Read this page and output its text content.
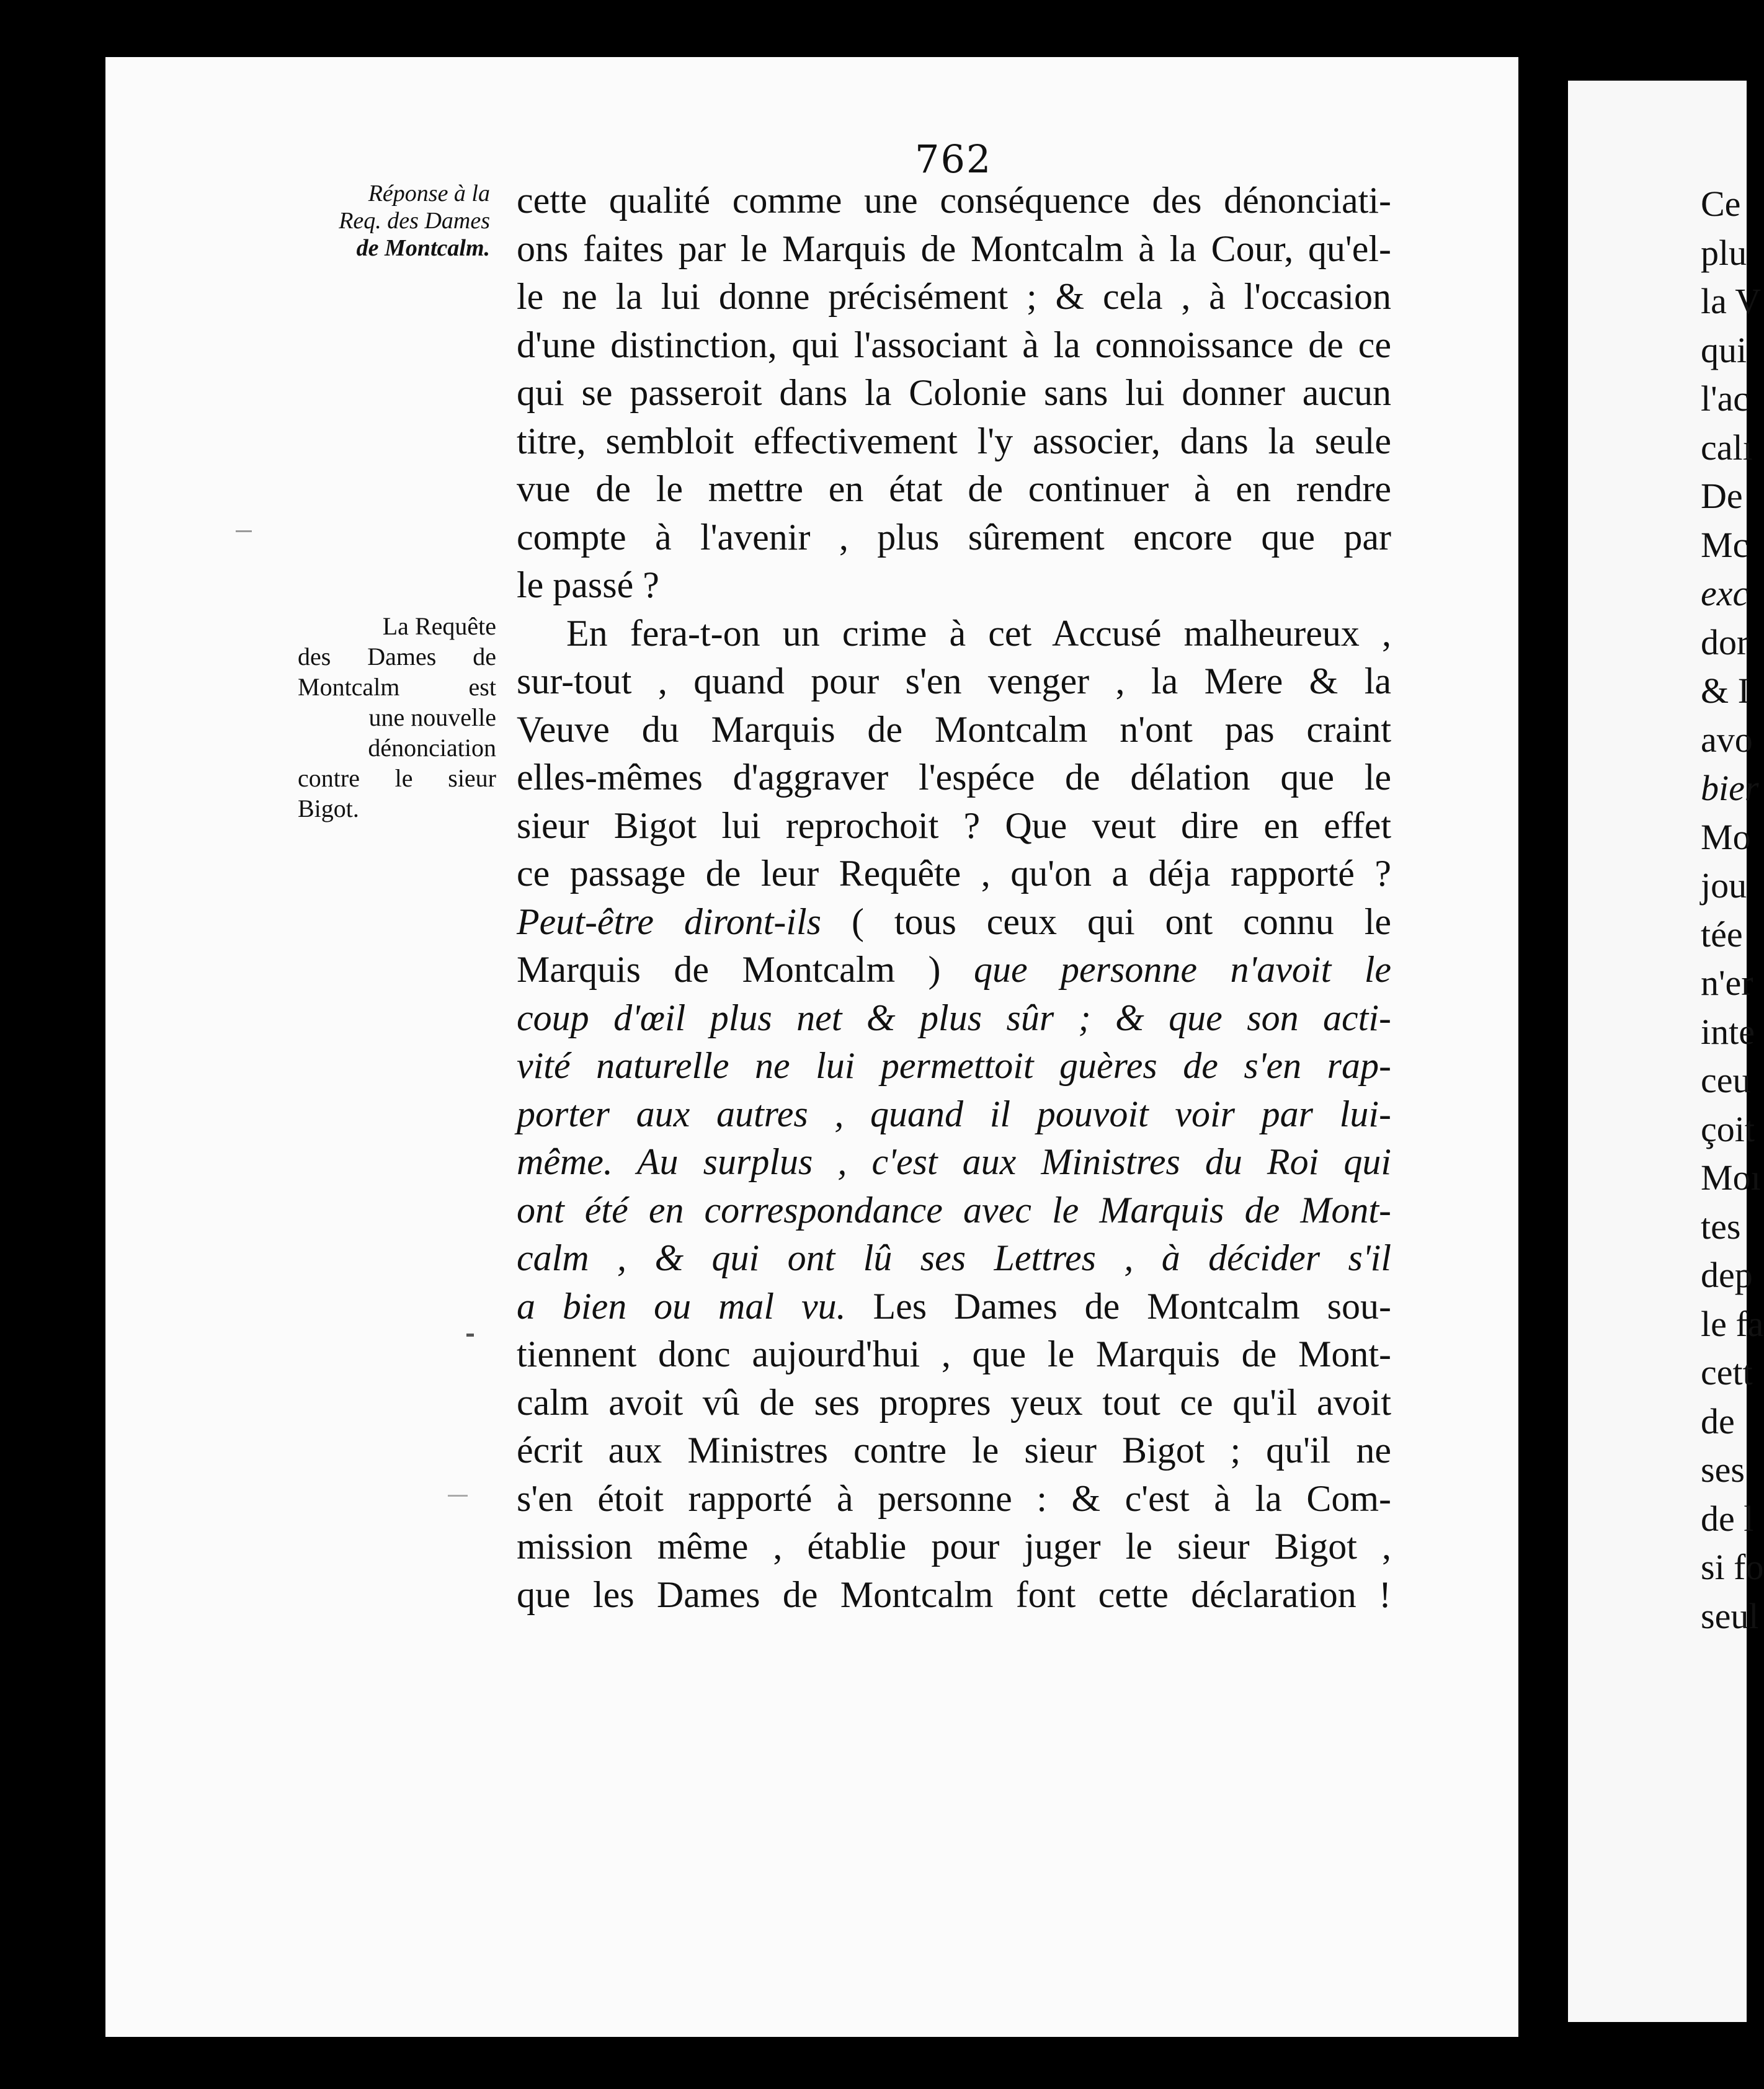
762
Réponse à la
Req. des Dames
de Montcalm.
La Requête
des Dames de
Montcalm est
une nouvelle
dénonciation
contre le sieur
Bigot.
cette qualité comme une conséquence des dénonciati-
ons faites par le Marquis de Montcalm à la Cour, qu'el-
le ne la lui donne précisément ; & cela , à l'occasion
d'une distinction, qui l'associant à la connoissance de ce
qui se passeroit dans la Colonie sans lui donner aucun
titre, sembloit effectivement l'y associer, dans la seule
vue de le mettre en état de continuer à en rendre
compte à l'avenir , plus sûrement encore que par
le passé ?
En fera-t-on un crime à cet Accusé malheureux ,
sur-tout , quand pour s'en venger , la Mere & la
Veuve du Marquis de Montcalm n'ont pas craint
elles-mêmes d'aggraver l'espéce de délation que le
sieur Bigot lui reprochoit ? Que veut dire en effet
ce passage de leur Requête , qu'on a déja rapporté ?
Peut-être diront-ils ( tous ceux qui ont connu le
Marquis de Montcalm ) que personne n'avoit le
coup d'œil plus net & plus sûr ; & que son acti-
vité naturelle ne lui permettoit guères de s'en rap-
porter aux autres , quand il pouvoit voir par lui-
même. Au surplus , c'est aux Ministres du Roi qui
ont été en correspondance avec le Marquis de Mont-
calm , & qui ont lû ses Lettres , à décider s'il
a bien ou mal vu. Les Dames de Montcalm sou-
tiennent donc aujourd'hui , que le Marquis de Mont-
calm avoit vû de ses propres yeux tout ce qu'il avoit
écrit aux Ministres contre le sieur Bigot ; qu'il ne
s'en étoit rapporté à personne : & c'est à la Com-
mission même , établie pour juger le sieur Bigot ,
que les Dames de Montcalm font cette déclaration !
Ce
plu
la V
qui
l'ac
calı
De
Mc
exc
dor
& I
avo
bier
Mo
jou
tée
n'er
inte
ceu
çoit
Moı
tes
dep
le fa
cett
de
ses
de l
si fo
seul
